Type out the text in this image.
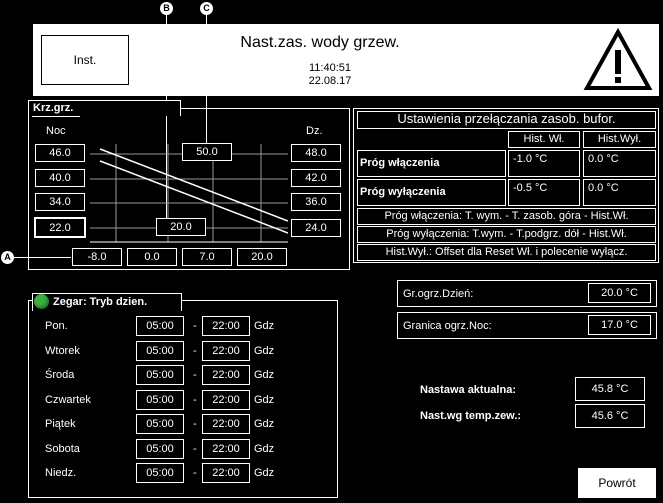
Inst.
Nast.zas. wody grzew.
11:40:51
22.08.17
B	C
A
Krz.grz.
Noc	Dz.
46.0
40.0
34.0
22.0
48.0
42.0
36.0
24.0
50.0
20.0
-8.0	0.0	7.0	20.0
Ustawienia przełączania zasob. bufor.
Hist. Wł.	Hist.Wył.
Próg włączenia	-1.0 °C	0.0 °C
Próg wyłączenia	-0.5 °C	0.0 °C
Próg włączenia: T. wym. - T. zasob. góra - Hist.Wł.
Próg wyłączenia: T.wym. - T.podgrz. dół - Hist.Wł.
Hist.Wył.: Offset dla Reset Wł. i polecenie wyłącz.
Zegar: Tryb dzien.
Pon.	05:00	-	22:00	Gdz
Wtorek	05:00	-	22:00	Gdz
Środa	05:00	-	22:00	Gdz
Czwartek	05:00	-	22:00	Gdz
Piątek	05:00	-	22:00	Gdz
Sobota	05:00	-	22:00	Gdz
Niedz.	05:00	-	22:00	Gdz
Gr.ogrz.Dzień:	20.0 °C
Granica ogrz.Noc:	17.0 °C
Nastawa aktualna:	45.8 °C
Nast.wg temp.zew.:	45.6 °C
Powrót
